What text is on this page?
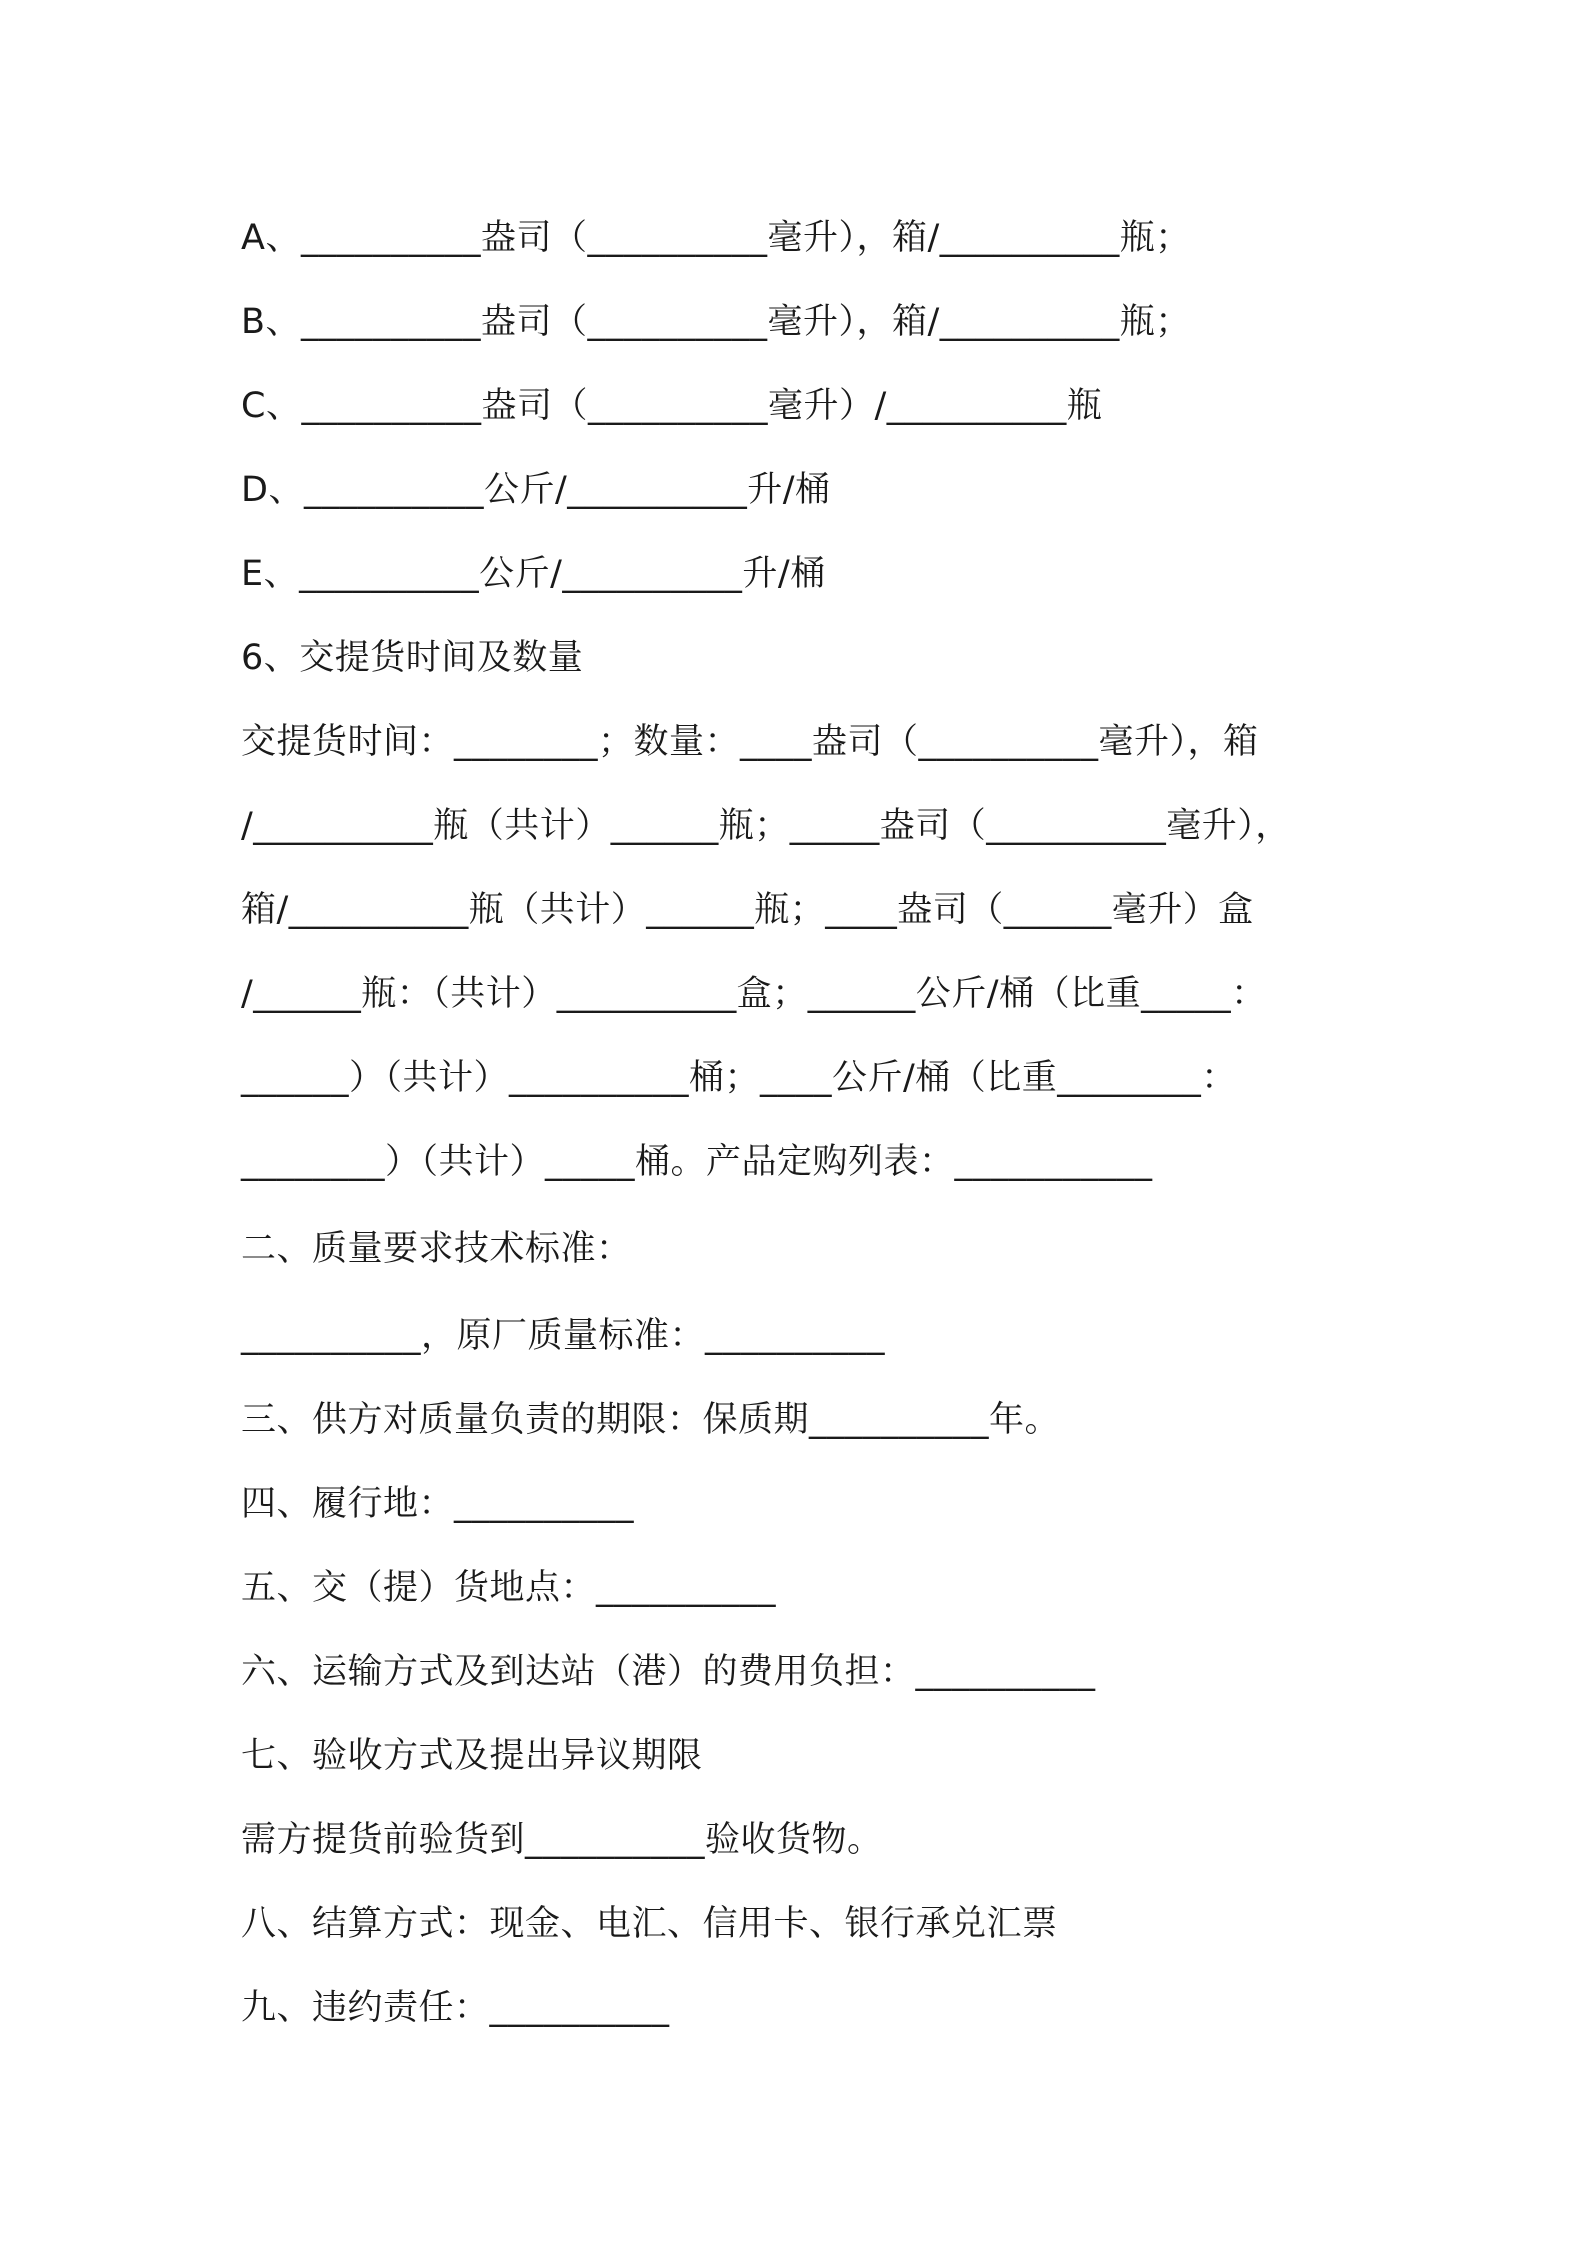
A、__________盎司（__________毫升），箱/__________瓶；
B、__________盎司（__________毫升），箱/__________瓶；
C、__________盎司（__________毫升）/__________瓶
D、__________公斤/__________升/桶
E、__________公斤/__________升/桶
6、交提货时间及数量
交提货时间：________；数量：____盎司（__________毫升），箱
/__________瓶（共计）______瓶；_____盎司（__________毫升），
箱/__________瓶（共计）______瓶；____盎司（______毫升）盒
/______瓶：（共计）__________盒；______公斤/桶（比重_____：
______）（共计）__________桶；____公斤/桶（比重________：
________）（共计）_____桶。产品定购列表：___________
二、质量要求技术标准：
__________，原厂质量标准：__________
三、供方对质量负责的期限：保质期__________年。
四、履行地：__________
五、交（提）货地点：__________
六、运输方式及到达站（港）的费用负担：__________
七、验收方式及提出异议期限
需方提货前验货到__________验收货物。
八、结算方式：现金、电汇、信用卡、银行承兑汇票
九、违约责任：__________
